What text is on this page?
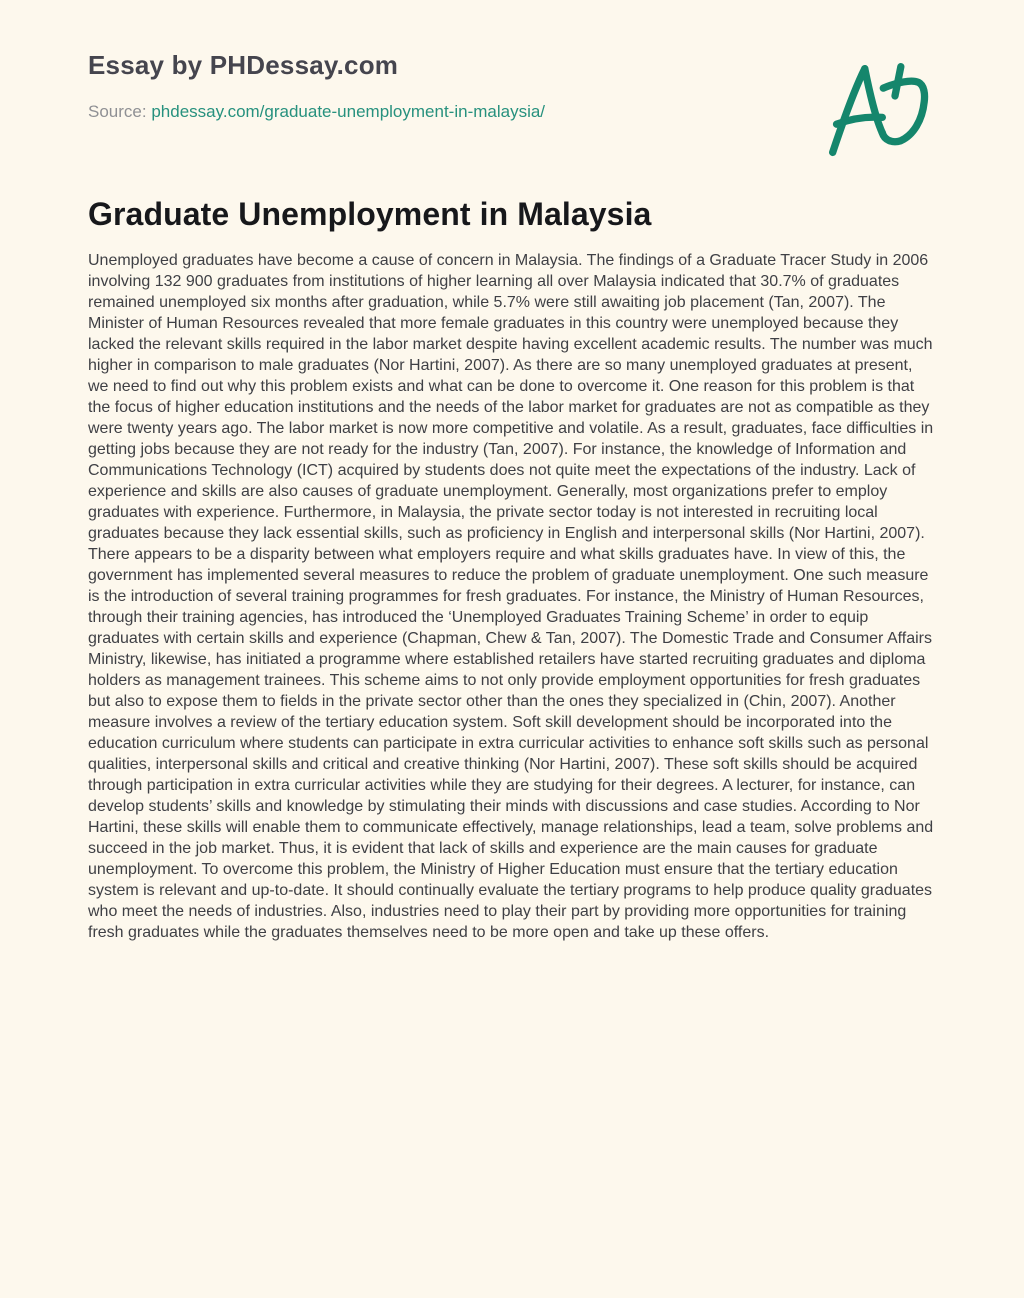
Essay by PHDessay.com

Source: phdessay.com/graduate-unemployment-in-malaysia/

Graduate Unemployment in Malaysia

Unemployed graduates have become a cause of concern in Malaysia. The findings of a Graduate Tracer Study in 2006 involving 132 900 graduates from institutions of higher learning all over Malaysia indicated that 30.7% of graduates remained unemployed six months after graduation, while 5.7% were still awaiting job placement (Tan, 2007). The Minister of Human Resources revealed that more female graduates in this country were unemployed because they lacked the relevant skills required in the labor market despite having excellent academic results. The number was much higher in comparison to male graduates (Nor Hartini, 2007). As there are so many unemployed graduates at present, we need to find out why this problem exists and what can be done to overcome it. One reason for this problem is that the focus of higher education institutions and the needs of the labor market for graduates are not as compatible as they were twenty years ago. The labor market is now more competitive and volatile. As a result, graduates, face difficulties in getting jobs because they are not ready for the industry (Tan, 2007). For instance, the knowledge of Information and Communications Technology (ICT) acquired by students does not quite meet the expectations of the industry. Lack of experience and skills are also causes of graduate unemployment. Generally, most organizations prefer to employ graduates with experience. Furthermore, in Malaysia, the private sector today is not interested in recruiting local graduates because they lack essential skills, such as proficiency in English and interpersonal skills (Nor Hartini, 2007). There appears to be a disparity between what employers require and what skills graduates have. In view of this, the government has implemented several measures to reduce the problem of graduate unemployment. One such measure is the introduction of several training programmes for fresh graduates. For instance, the Ministry of Human Resources, through their training agencies, has introduced the ‘Unemployed Graduates Training Scheme’ in order to equip graduates with certain skills and experience (Chapman, Chew & Tan, 2007). The Domestic Trade and Consumer Affairs Ministry, likewise, has initiated a programme where established retailers have started recruiting graduates and diploma holders as management trainees. This scheme aims to not only provide employment opportunities for fresh graduates but also to expose them to fields in the private sector other than the ones they specialized in (Chin, 2007). Another measure involves a review of the tertiary education system. Soft skill development should be incorporated into the education curriculum where students can participate in extra curricular activities to enhance soft skills such as personal qualities, interpersonal skills and critical and creative thinking (Nor Hartini, 2007). These soft skills should be acquired through participation in extra curricular activities while they are studying for their degrees. A lecturer, for instance, can develop students’ skills and knowledge by stimulating their minds with discussions and case studies. According to Nor Hartini, these skills will enable them to communicate effectively, manage relationships, lead a team, solve problems and succeed in the job market. Thus, it is evident that lack of skills and experience are the main causes for graduate unemployment. To overcome this problem, the Ministry of Higher Education must ensure that the tertiary education system is relevant and up-to-date. It should continually evaluate the tertiary programs to help produce quality graduates who meet the needs of industries. Also, industries need to play their part by providing more opportunities for training fresh graduates while the graduates themselves need to be more open and take up these offers.
